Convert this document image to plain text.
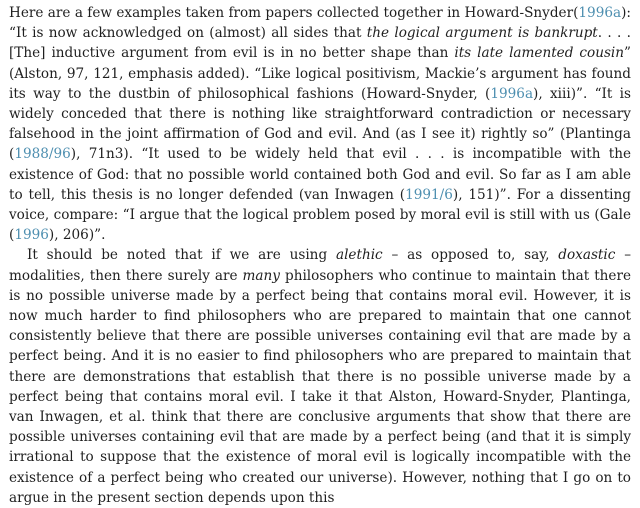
Here are a few examples taken from papers collected together in Howard-Snyder(1996a): “It is now acknowledged on (almost) all sides that the logical argument is bankrupt. . . . [The] inductive argument from evil is in no better shape than its late lamented cousin” (Alston, 97, 121, emphasis added). “Like logical positivism, Mackie’s argument has found its way to the dustbin of philosophical fashions (Howard-Snyder, (1996a), xiii)”. “It is widely conceded that there is nothing like straightforward contradiction or necessary falsehood in the joint affirmation of God and evil. And (as I see it) rightly so” (Plantinga (1988/96), 71n3). “It used to be widely held that evil . . . is incompatible with the existence of God: that no possible world contained both God and evil. So far as I am able to tell, this thesis is no longer defended (van Inwagen (1991/6), 151)”. For a dissenting voice, compare: “I argue that the logical problem posed by moral evil is still with us (Gale (1996), 206)”.

It should be noted that if we are using alethic – as opposed to, say, doxastic – modalities, then there surely are many philosophers who continue to maintain that there is no possible universe made by a perfect being that contains moral evil. However, it is now much harder to find philosophers who are prepared to maintain that one cannot consistently believe that there are possible universes containing evil that are made by a perfect being. And it is no easier to find philosophers who are prepared to maintain that there are demonstrations that establish that there is no possible universe made by a perfect being that contains moral evil. I take it that Alston, Howard-Snyder, Plantinga, van Inwagen, et al. think that there are conclusive arguments that show that there are possible universes containing evil that are made by a perfect being (and that it is simply irrational to suppose that the existence of moral evil is logically incompatible with the existence of a perfect being who created our universe). However, nothing that I go on to argue in the present section depends upon this
